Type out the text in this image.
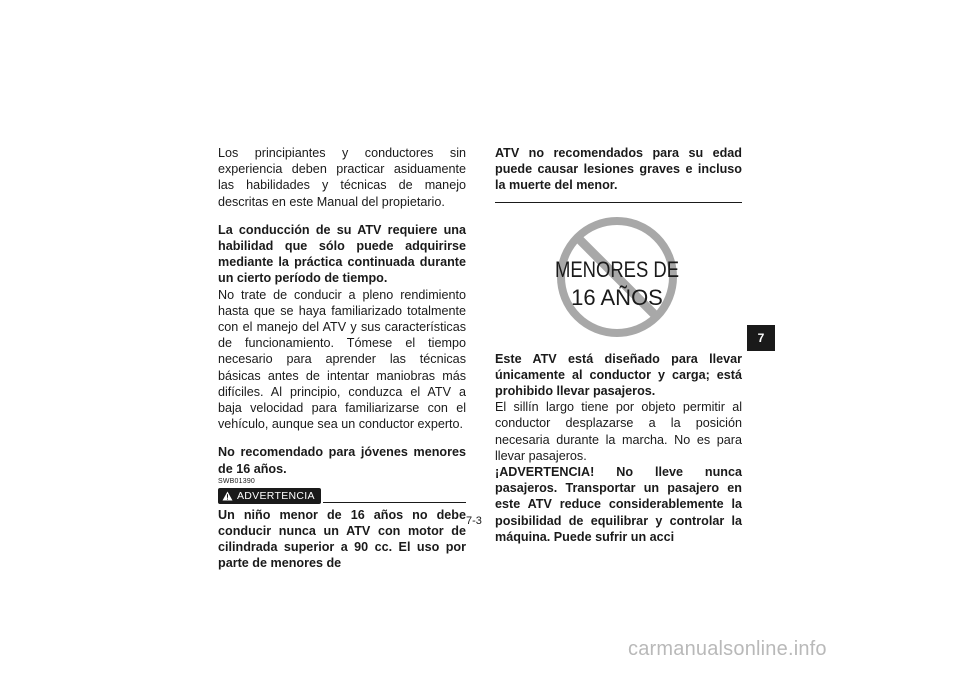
Los principiantes y conductores sin experiencia deben practicar asiduamente las habilidades y técnicas de manejo descritas en este Manual del propietario.

La conducción de su ATV requiere una habilidad que sólo puede adquirirse mediante la práctica continuada durante un cierto período de tiempo.

No trate de conducir a pleno rendimiento hasta que se haya familiarizado totalmente con el manejo del ATV y sus características de funcionamiento. Tómese el tiempo necesario para aprender las técnicas básicas antes de intentar maniobras más difíciles. Al principio, conduzca el ATV a baja velocidad para familiarizarse con el vehículo, aunque sea un conductor experto.

No recomendado para jóvenes menores de 16 años.

SWB01390
ADVERTENCIA

Un niño menor de 16 años no debe conducir nunca un ATV con motor de cilindrada superior a 90 cc. El uso por parte de menores de

ATV no recomendados para su edad puede causar lesiones graves e incluso la muerte del menor.

MENORES DE
16 AÑOS

Este ATV está diseñado para llevar únicamente al conductor y carga; está prohibido llevar pasajeros.

El sillín largo tiene por objeto permitir al conductor desplazarse a la posición necesaria durante la marcha. No es para llevar pasajeros.

¡ADVERTENCIA! No lleve nunca pasajeros. Transportar un pasajero en este ATV reduce considerablemente la posibilidad de equilibrar y controlar la máquina. Puede sufrir un acci

7
7-3
carmanualsonline.info
